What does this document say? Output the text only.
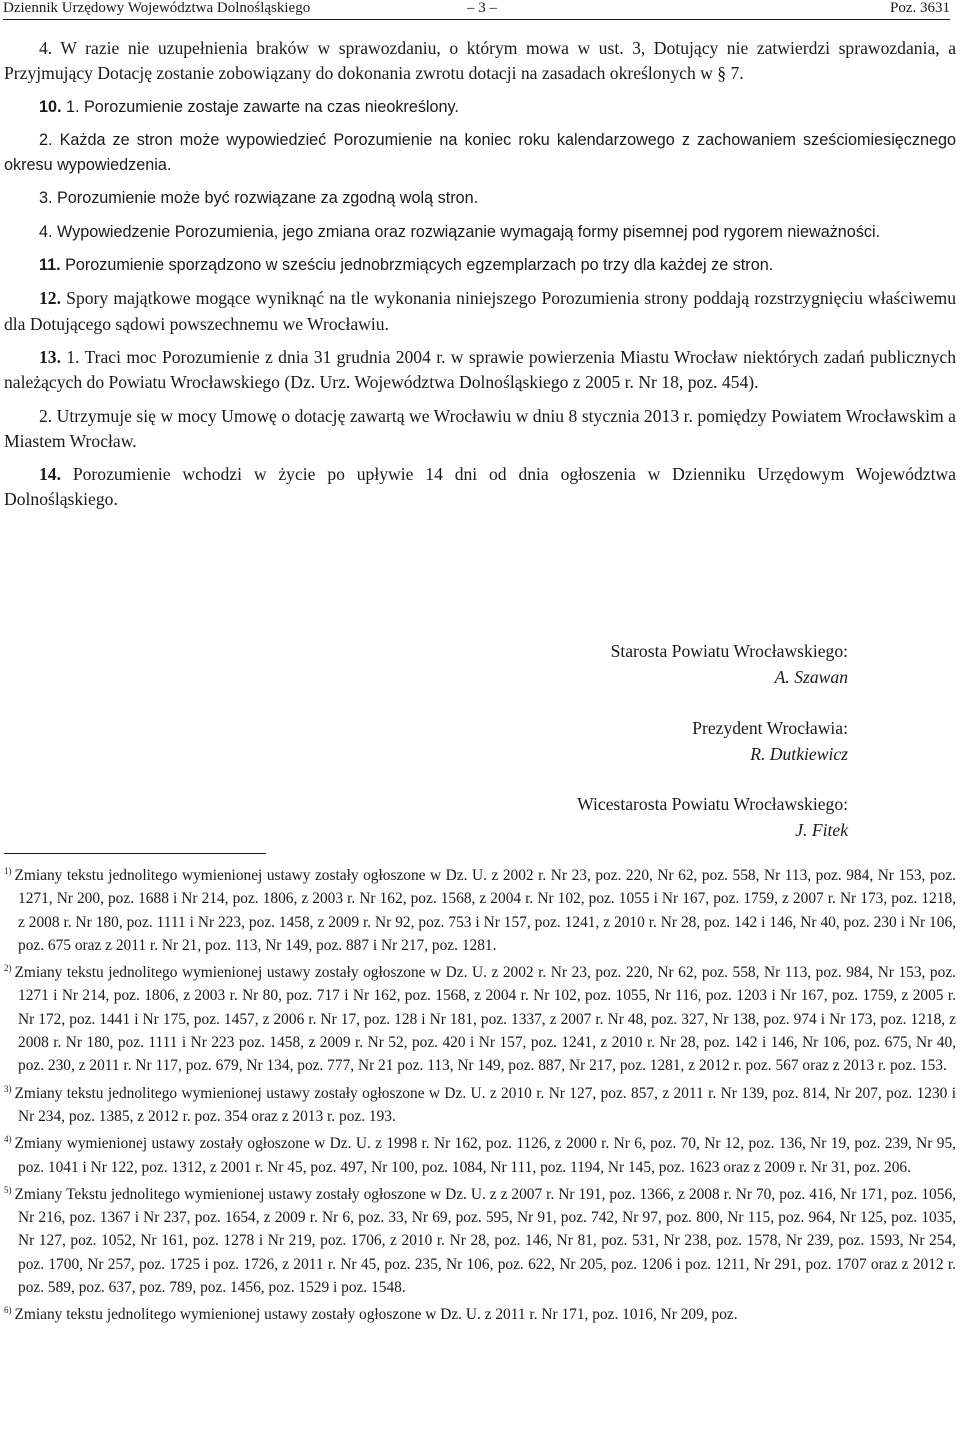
Dziennik Urzędowy Województwa Dolnośląskiego	– 3 –	Poz. 3631

4. W razie nie uzupełnienia braków w sprawozdaniu, o którym mowa w ust. 3, Dotujący nie zatwierdzi sprawozdania, a Przyjmujący Dotację zostanie zobowiązany do dokonania zwrotu dotacji na zasadach określonych w § 7.

10. 1. Porozumienie zostaje zawarte na czas nieokreślony.

2. Każda ze stron może wypowiedzieć Porozumienie na koniec roku kalendarzowego z zachowaniem sześciomiesięcznego okresu wypowiedzenia.

3. Porozumienie może być rozwiązane za zgodną wolą stron.

4. Wypowiedzenie Porozumienia, jego zmiana oraz rozwiązanie wymagają formy pisemnej pod rygorem nieważności.

11. Porozumienie sporządzono w sześciu jednobrzmiących egzemplarzach po trzy dla każdej ze stron.

12. Spory majątkowe mogące wyniknąć na tle wykonania niniejszego Porozumienia strony poddają rozstrzygnięciu właściwemu dla Dotującego sądowi powszechnemu we Wrocławiu.

13. 1. Traci moc Porozumienie z dnia 31 grudnia 2004 r. w sprawie powierzenia Miastu Wrocław niektórych zadań publicznych należących do Powiatu Wrocławskiego (Dz. Urz. Województwa Dolnośląskiego z 2005 r. Nr 18, poz. 454).

2. Utrzymuje się w mocy Umowę o dotację zawartą we Wrocławiu w dniu 8 stycznia 2013 r. pomiędzy Powiatem Wrocławskim a Miastem Wrocław.

14. Porozumienie wchodzi w życie po upływie 14 dni od dnia ogłoszenia w Dzienniku Urzędowym Województwa Dolnośląskiego.

Starosta Powiatu Wrocławskiego:
A. Szawan
Prezydent Wrocławia:
R. Dutkiewicz
Wicestarosta Powiatu Wrocławskiego:
J. Fitek

$^{1)}$ Zmiany tekstu jednolitego wymienionej ustawy zostały ogłoszone w Dz. U. z 2002 r. Nr 23, poz. 220, Nr 62, poz. 558, Nr 113, poz. 984, Nr 153, poz. 1271, Nr 200, poz. 1688 i Nr 214, poz. 1806, z 2003 r. Nr 162, poz. 1568, z 2004 r. Nr 102, poz. 1055 i Nr 167, poz. 1759, z 2007 r. Nr 173, poz. 1218, z 2008 r. Nr 180, poz. 1111 i Nr 223, poz. 1458, z 2009 r. Nr 92, poz. 753 i Nr 157, poz. 1241, z 2010 r. Nr 28, poz. 142 i 146, Nr 40, poz. 230 i Nr 106, poz. 675 oraz z 2011 r. Nr 21, poz. 113, Nr 149, poz. 887 i Nr 217, poz. 1281.

$^{2)}$ Zmiany tekstu jednolitego wymienionej ustawy zostały ogłoszone w Dz. U. z 2002 r. Nr 23, poz. 220, Nr 62, poz. 558, Nr 113, poz. 984, Nr 153, poz. 1271 i Nr 214, poz. 1806, z 2003 r. Nr 80, poz. 717 i Nr 162, poz. 1568, z 2004 r. Nr 102, poz. 1055, Nr 116, poz. 1203 i Nr 167, poz. 1759, z 2005 r. Nr 172, poz. 1441 i Nr 175, poz. 1457, z 2006 r. Nr 17, poz. 128 i Nr 181, poz. 1337, z 2007 r. Nr 48, poz. 327, Nr 138, poz. 974 i Nr 173, poz. 1218, z 2008 r. Nr 180, poz. 1111 i Nr 223 poz. 1458, z 2009 r. Nr 52, poz. 420 i Nr 157, poz. 1241, z 2010 r. Nr 28, poz. 142 i 146, Nr 106, poz. 675, Nr 40, poz. 230, z 2011 r. Nr 117, poz. 679, Nr 134, poz. 777, Nr 21 poz. 113, Nr 149, poz. 887, Nr 217, poz. 1281, z 2012 r. poz. 567 oraz z 2013 r. poz. 153.

$^{3)}$ Zmiany tekstu jednolitego wymienionej ustawy zostały ogłoszone w Dz. U. z 2010 r. Nr 127, poz. 857, z 2011 r. Nr 139, poz. 814, Nr 207, poz. 1230 i Nr 234, poz. 1385, z 2012 r. poz. 354 oraz z 2013 r. poz. 193.

$^{4)}$ Zmiany wymienionej ustawy zostały ogłoszone w Dz. U. z 1998 r. Nr 162, poz. 1126, z 2000 r. Nr 6, poz. 70, Nr 12, poz. 136, Nr 19, poz. 239, Nr 95, poz. 1041 i Nr 122, poz. 1312, z 2001 r. Nr 45, poz. 497, Nr 100, poz. 1084, Nr 111, poz. 1194, Nr 145, poz. 1623 oraz z 2009 r. Nr 31, poz. 206.

$^{5)}$ Zmiany Tekstu jednolitego wymienionej ustawy zostały ogłoszone w Dz. U. z z 2007 r. Nr 191, poz. 1366, z 2008 r. Nr 70, poz. 416, Nr 171, poz. 1056, Nr 216, poz. 1367 i Nr 237, poz. 1654, z 2009 r. Nr 6, poz. 33, Nr 69, poz. 595, Nr 91, poz. 742, Nr 97, poz. 800, Nr 115, poz. 964, Nr 125, poz. 1035, Nr 127, poz. 1052, Nr 161, poz. 1278 i Nr 219, poz. 1706, z 2010 r. Nr 28, poz. 146, Nr 81, poz. 531, Nr 238, poz. 1578, Nr 239, poz. 1593, Nr 254, poz. 1700, Nr 257, poz. 1725 i poz. 1726, z 2011 r. Nr 45, poz. 235, Nr 106, poz. 622, Nr 205, poz. 1206 i poz. 1211, Nr 291, poz. 1707 oraz z 2012 r. poz. 589, poz. 637, poz. 789, poz. 1456, poz. 1529 i poz. 1548.

$^{6)}$ Zmiany tekstu jednolitego wymienionej ustawy zostały ogłoszone w Dz. U. z 2011 r. Nr 171, poz. 1016, Nr 209, poz.
